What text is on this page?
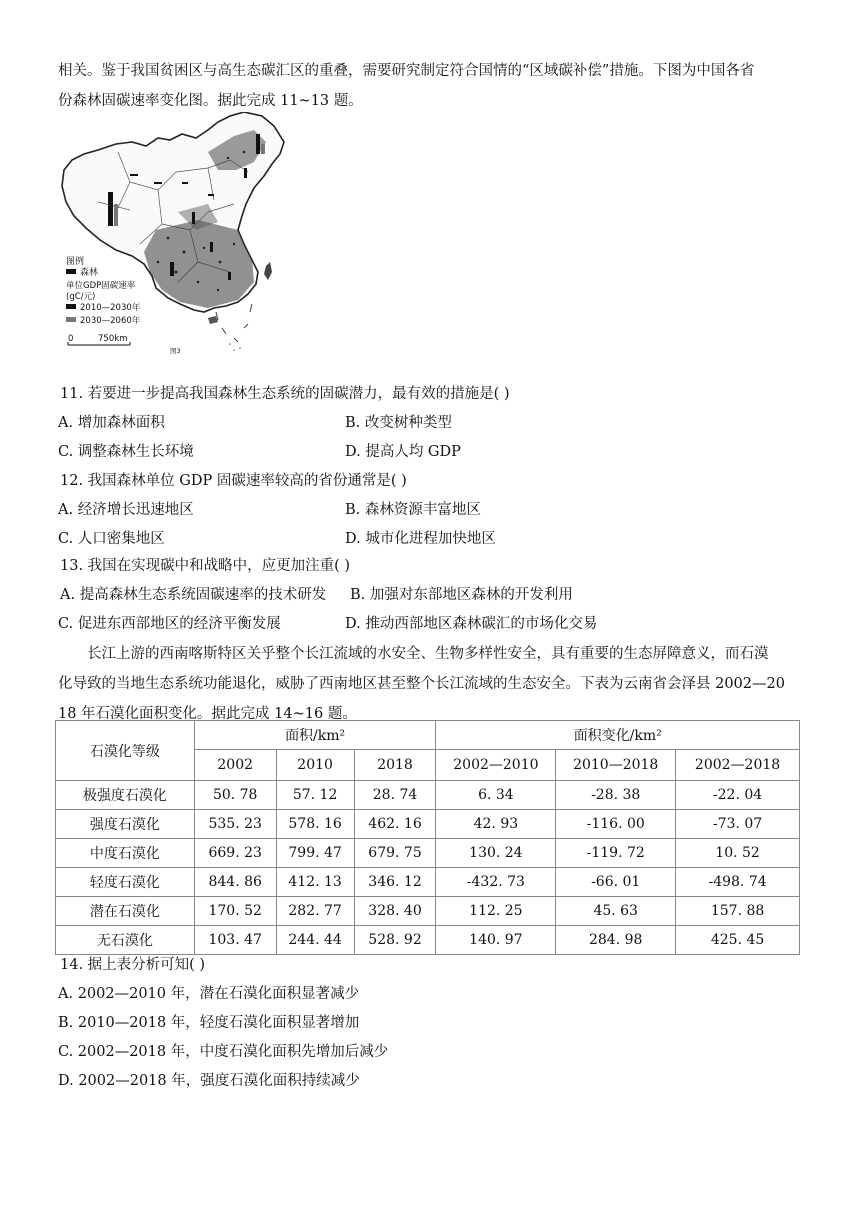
相关。鉴于我国贫困区与高生态碳汇区的重叠，需要研究制定符合国情的“区域碳补偿”措施。下图为中国各省
份森林固碳速率变化图。据此完成 11~13 题。

图例
森林
单位GDP固碳速率
(gC/元)
2010—2030年
2030—2060年
0	750km
图3
11. 若要进一步提高我国森林生态系统的固碳潜力，最有效的措施是( )
A. 增加森林面积	B. 改变树种类型
C. 调整森林生长环境	D. 提高人均 GDP
12. 我国森林单位 GDP 固碳速率较高的省份通常是( )
A. 经济增长迅速地区	B. 森林资源丰富地区
C. 人口密集地区	D. 城市化进程加快地区
13. 我国在实现碳中和战略中，应更加注重( )
A. 提高森林生态系统固碳速率的技术研发 B. 加强对东部地区森林的开发利用
C. 促进东西部地区的经济平衡发展	D. 推动西部地区森林碳汇的市场化交易

长江上游的西南喀斯特区关乎整个长江流域的水安全、生物多样性安全，具有重要的生态屏障意义，而石漠
化导致的当地生态系统功能退化，威胁了西南地区甚至整个长江流域的生态安全。下表为云南省会泽县 2002—20
18 年石漠化面积变化。据此完成 14~16 题。

石漠化等级	面积/km²			面积变化/km²		
	2002	2010	2018	2002—2010	2010—2018	2002—2018
极强度石漠化	50. 78	57. 12	28. 74	6. 34	-28. 38	-22. 04
强度石漠化	535. 23	578. 16	462. 16	42. 93	-116. 00	-73. 07
中度石漠化	669. 23	799. 47	679. 75	130. 24	-119. 72	10. 52
轻度石漠化	844. 86	412. 13	346. 12	-432. 73	-66. 01	-498. 74
潜在石漠化	170. 52	282. 77	328. 40	112. 25	45. 63	157. 88
无石漠化	103. 47	244. 44	528. 92	140. 97	284. 98	425. 45
14. 据上表分析可知( )
A. 2002—2010 年，潜在石漠化面积显著减少
B. 2010—2018 年，轻度石漠化面积显著增加
C. 2002—2018 年，中度石漠化面积先增加后减少
D. 2002—2018 年，强度石漠化面积持续减少
